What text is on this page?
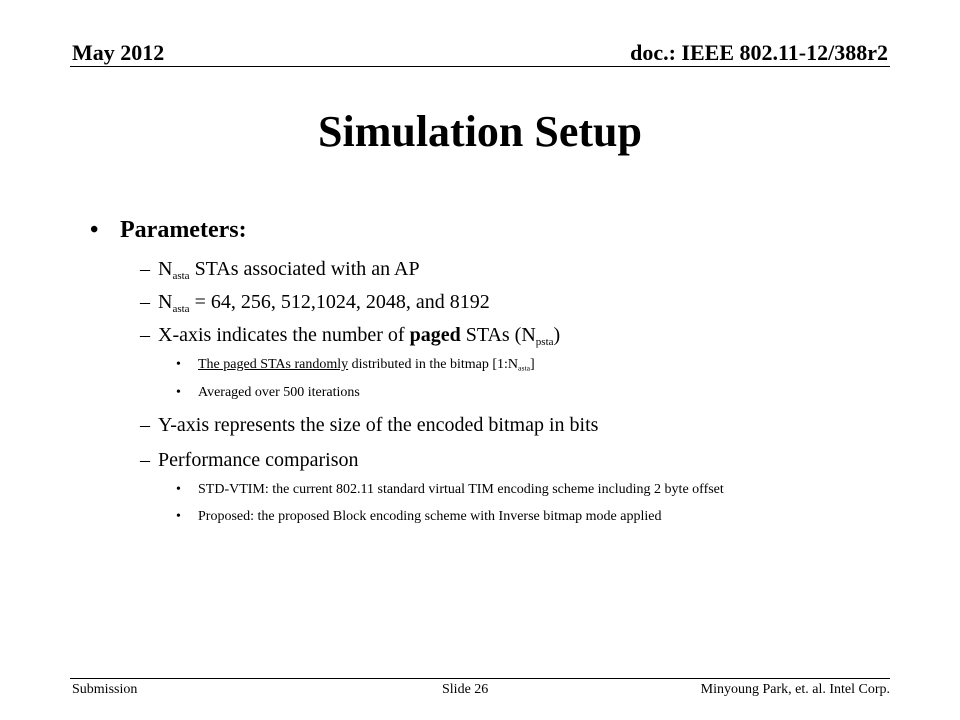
May 2012	doc.: IEEE 802.11-12/388r2
Simulation Setup
• Parameters:
– $N_{asta}$ STAs associated with an AP
– $N_{asta} = 64$, 256, 512,1024, 2048, and 8192
– X-axis indicates the number of paged STAs $(N_{psta})$
• The paged STAs randomly distributed in the bitmap $[1:N_{asta}]$
• Averaged over 500 iterations
– Y-axis represents the size of the encoded bitmap in bits
– Performance comparison
• STD-VTIM: the current 802.11 standard virtual TIM encoding scheme including 2 byte offset
• Proposed: the proposed Block encoding scheme with Inverse bitmap mode applied
Submission	Slide 26	Minyoung Park, et. al. Intel Corp.
